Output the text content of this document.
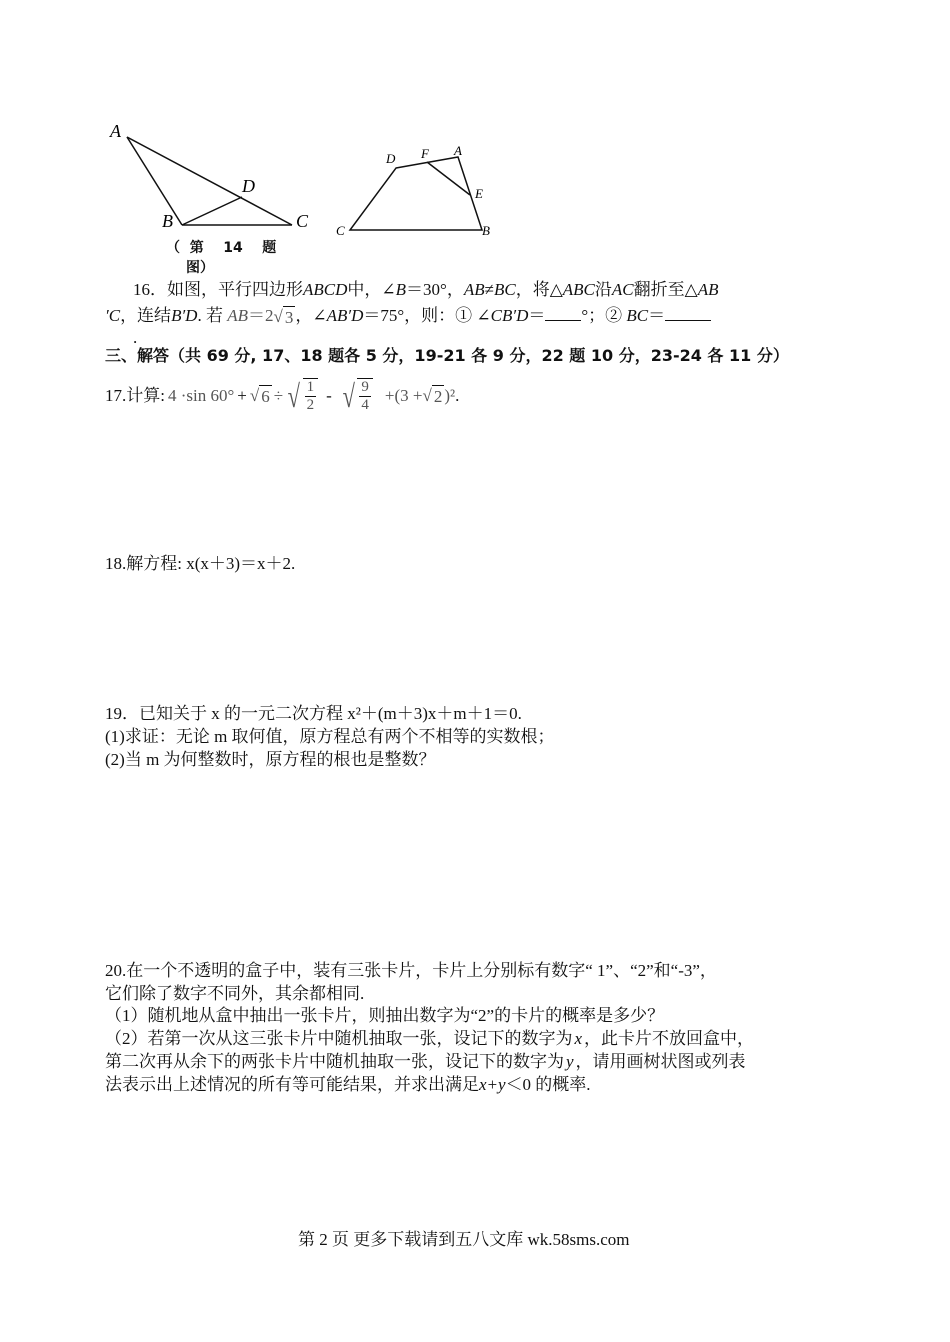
A
B	C
D
（  第    14    题
图）
D F A
E
C	B
16．如图，平行四边形ABCD中，∠B＝30°，AB≠BC，将△ABC沿AC翻折至△AB
′C，连结B′D. 若 AB＝2 √ 3 ，∠AB′D＝75°，则：① ∠CB′D＝ °；② BC＝
.
三、解答（共 69 分, 17、18 题各 5 分，19-21 各 9 分，22 题 10 分，23-24 各 11 分）
17.计算: 4 ·sin 60° + √ 6 ÷ √ $\frac{1}{2}$ - √ $\frac{9}{4} +(3$ + √ 2 )² .
18.解方程: x(x＋3)＝x＋2.
19．已知关于 x 的一元二次方程 x²＋(m＋3)x＋m＋1＝0.
(1)求证：无论 m 取何值，原方程总有两个不相等的实数根；
(2)当 m 为何整数时，原方程的根也是整数？
20.在一个不透明的盒子中，装有三张卡片，卡片上分别标有数字“ 1”、“2”和“-3”，
它们除了数字不同外，其余都相同.
（1）随机地从盒中抽出一张卡片，则抽出数字为“2”的卡片的概率是多少？
（2）若第一次从这三张卡片中随机抽取一张，设记下的数字为 x ，此卡片不放回盒中，
第二次再从余下的两张卡片中随机抽取一张，设记下的数字为 y ，请用画树状图或列表
法表示出上述情况的所有等可能结果，并求出满足x+y＜0 的概率.
第 2 页 更多下载请到五八文库 wk.58sms.com
